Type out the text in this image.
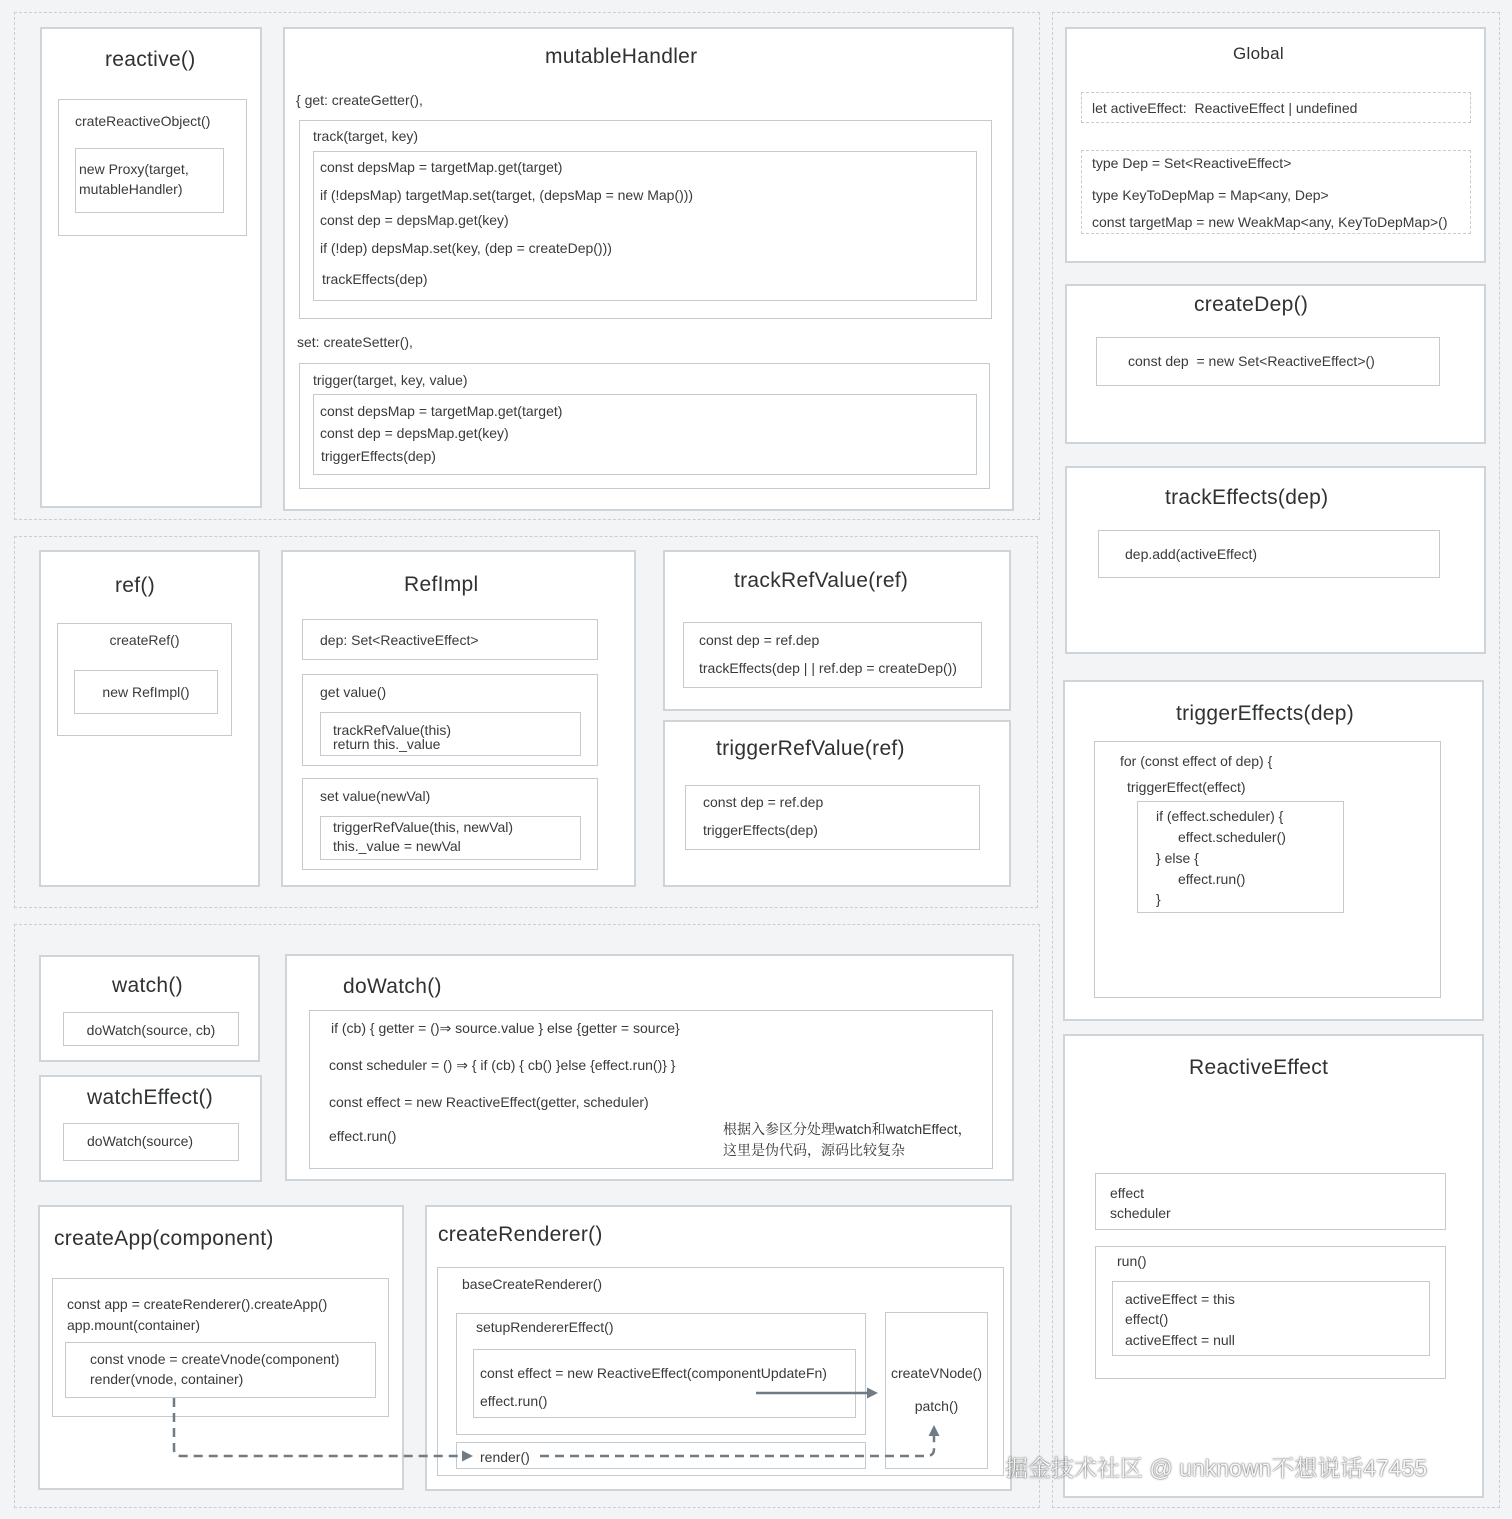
reactive()
crateReactiveObject()
new Proxy(target,
mutableHandler)
mutableHandler
{ get: createGetter(),
track(target, key)
const depsMap = targetMap.get(target)
if (!depsMap) targetMap.set(target, (depsMap = new Map()))
const dep = depsMap.get(key)
if (!dep) depsMap.set(key, (dep = createDep()))
trackEffects(dep)
set: createSetter(),
trigger(target, key, value)
const depsMap = targetMap.get(target)
const dep = depsMap.get(key)
triggerEffects(dep)
ref()
createRef()
new RefImpl()
RefImpl
dep: Set<ReactiveEffect>
get value()
trackRefValue(this)
return this._value
set value(newVal)
triggerRefValue(this, newVal)
this._value = newVal
trackRefValue(ref)
const dep = ref.dep
trackEffects(dep | | ref.dep = createDep())
triggerRefValue(ref)
const dep = ref.dep
triggerEffects(dep)
watch()
doWatch(source, cb)
watchEffect()
doWatch(source)
doWatch()
if (cb) { getter = ()⇒ source.value } else {getter = source}
const scheduler = () ⇒ { if (cb) { cb() }else {effect.run()} }
const effect = new ReactiveEffect(getter, scheduler)
effect.run()	根据入参区分处理watch和watchEffect，
这里是伪代码，源码比较复杂
createApp(component)
const app = createRenderer().createApp()
app.mount(container)
const vnode = createVnode(component)
render(vnode, container)
createRenderer()
baseCreateRenderer()
setupRendererEffect()
const effect = new ReactiveEffect(componentUpdateFn)
effect.run()
createVNode()
patch()
render()
Global
let activeEffect:  ReactiveEffect | undefined
type Dep = Set<ReactiveEffect>
type KeyToDepMap = Map<any, Dep>
const targetMap = new WeakMap<any, KeyToDepMap>()
createDep()
const dep  = new Set<ReactiveEffect>()
trackEffects(dep)
dep.add(activeEffect)
triggerEffects(dep)
for (const effect of dep) {
triggerEffect(effect)
if (effect.scheduler) {
effect.scheduler()
} else {
effect.run()
}
ReactiveEffect
effect
scheduler
run()
activeEffect = this
effect()
activeEffect = null
掘金技术社区 @ unknown不想说话47455
